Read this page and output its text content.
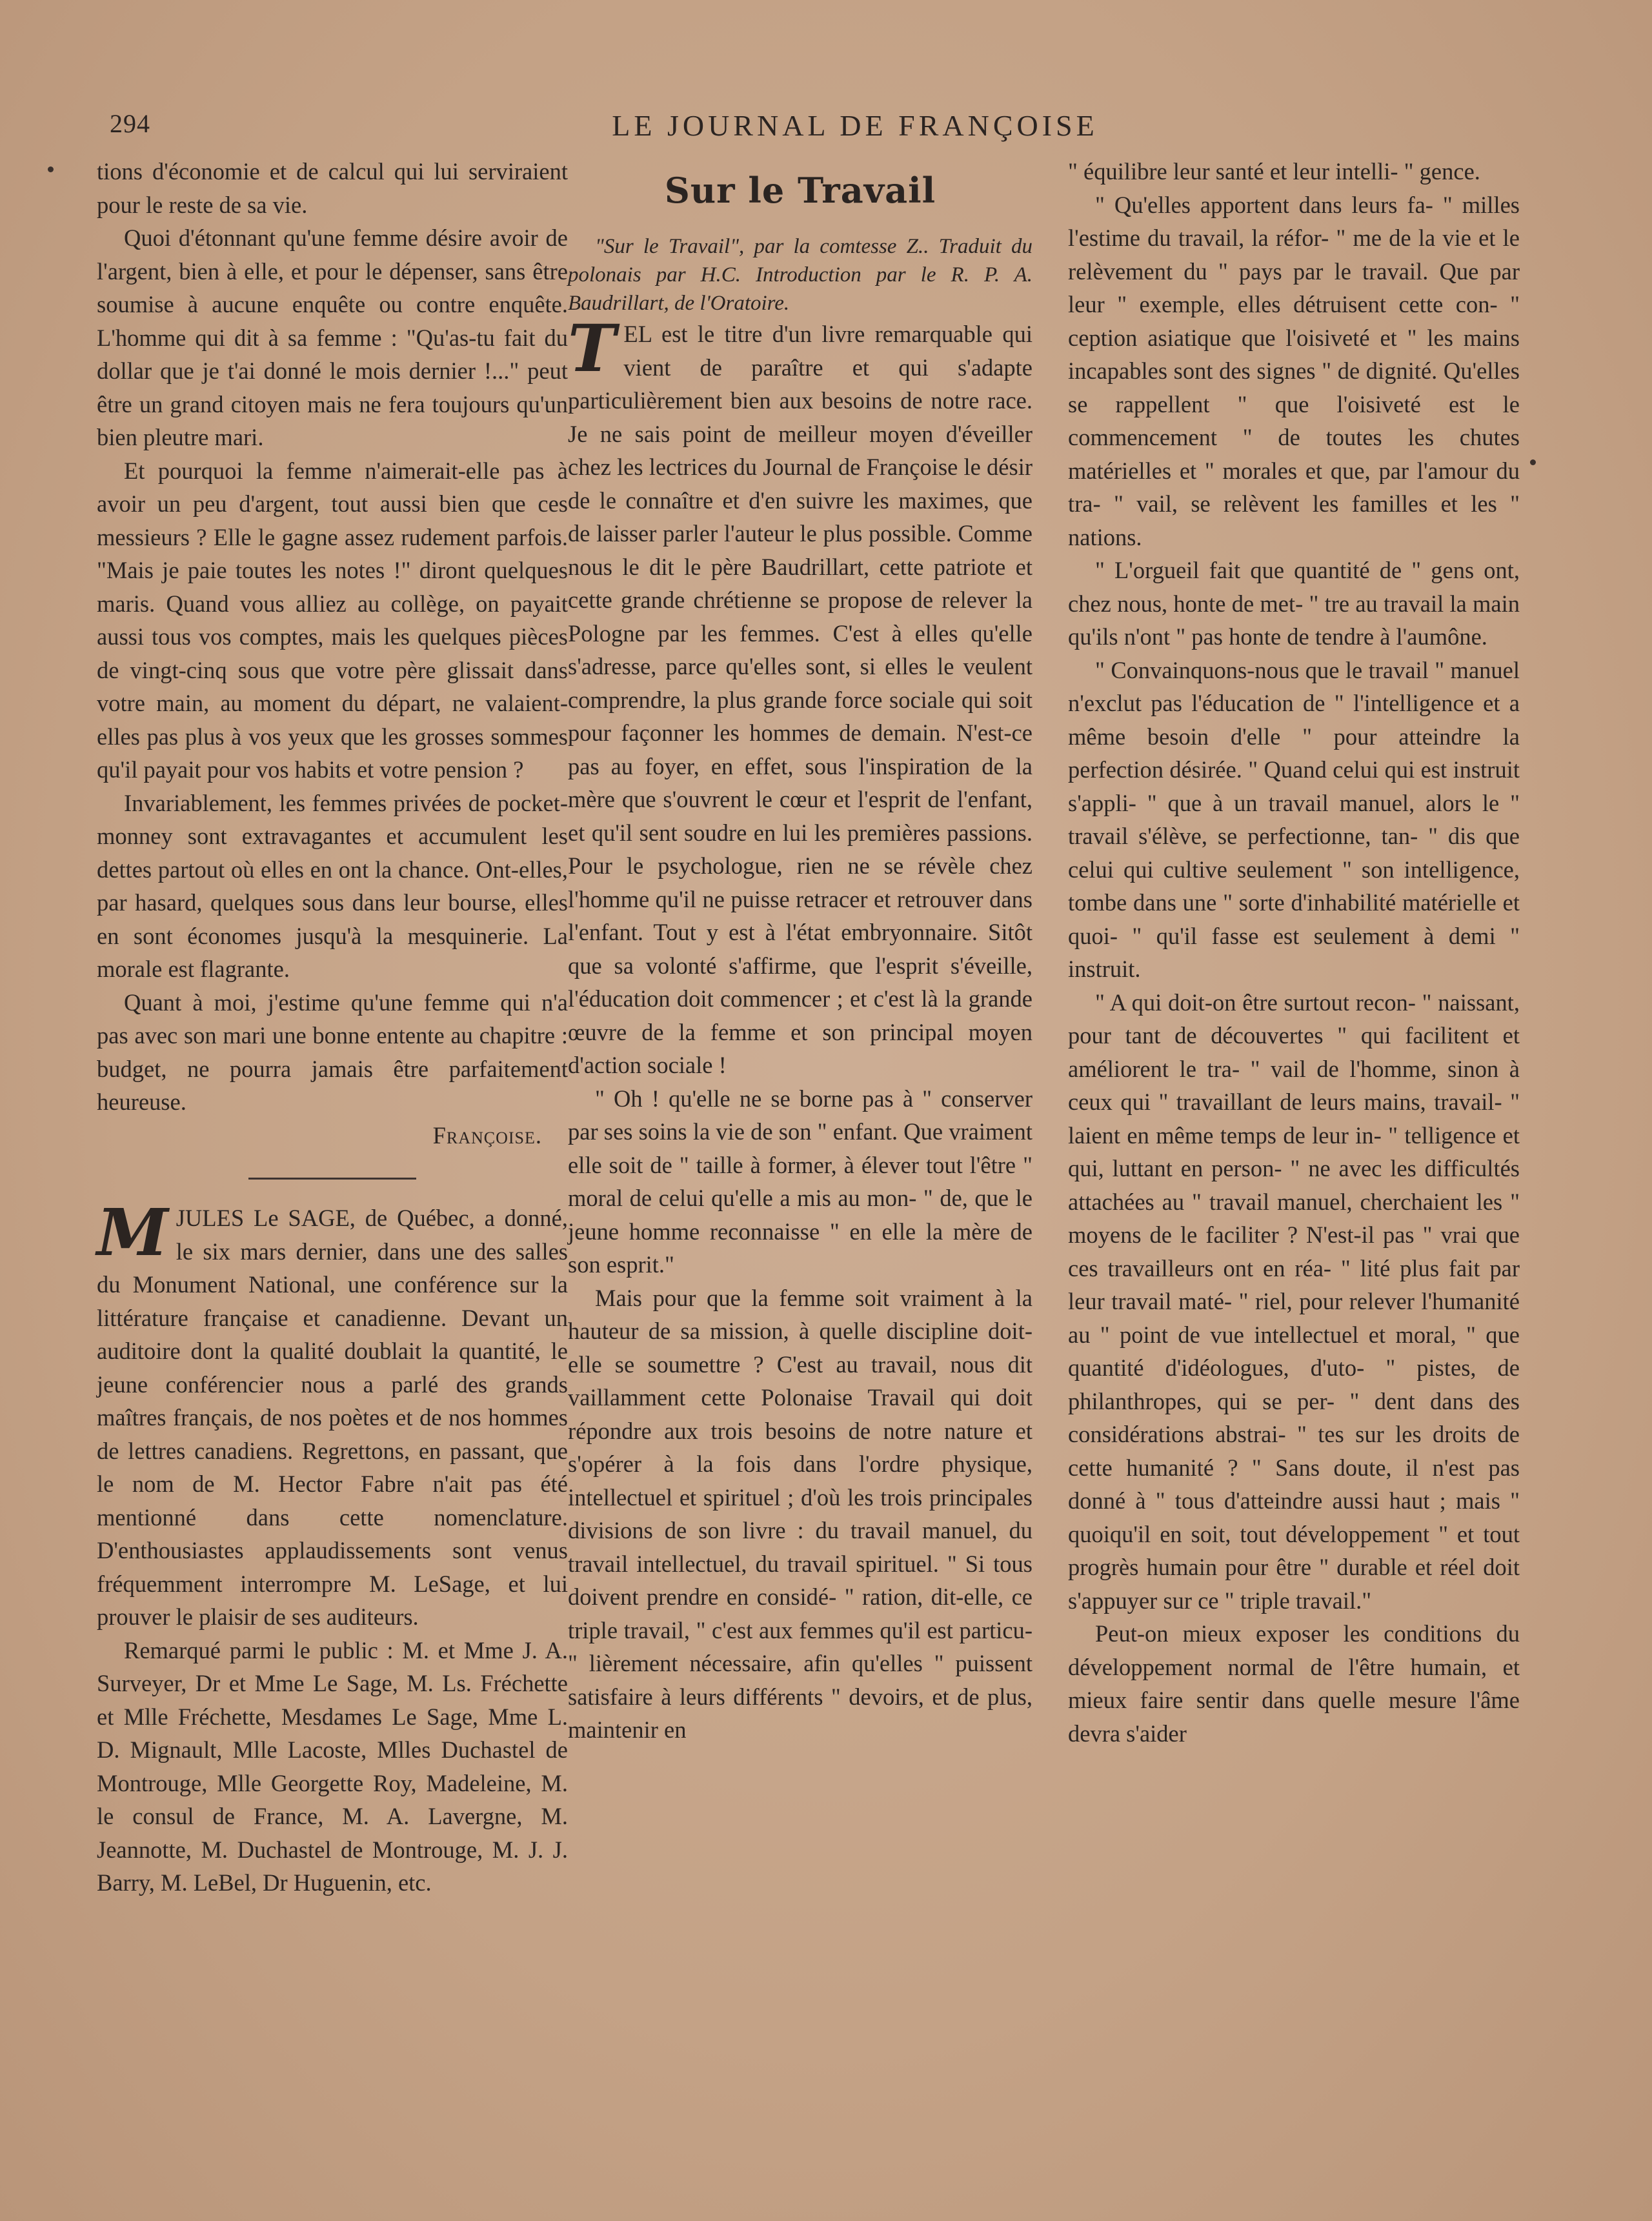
294	LE JOURNAL DE FRANÇOISE

tions d'économie et de calcul qui lui serviraient pour le reste de sa vie.

Quoi d'étonnant qu'une femme désire avoir de l'argent, bien à elle, et pour le dépenser, sans être soumise à aucune enquête ou contre enquête. L'homme qui dit à sa femme : "Qu'as-tu fait du dollar que je t'ai donné le mois dernier !..." peut être un grand citoyen mais ne fera toujours qu'un bien pleutre mari.

Et pourquoi la femme n'aimerait-elle pas à avoir un peu d'argent, tout aussi bien que ces messieurs ? Elle le gagne assez rudement parfois. "Mais je paie toutes les notes !" diront quelques maris. Quand vous alliez au collège, on payait aussi tous vos comptes, mais les quelques pièces de vingt-cinq sous que votre père glissait dans votre main, au moment du départ, ne valaient-elles pas plus à vos yeux que les grosses sommes qu'il payait pour vos habits et votre pension ?

Invariablement, les femmes privées de pocket-monney sont extravagantes et accumulent les dettes partout où elles en ont la chance. Ont-elles, par hasard, quelques sous dans leur bourse, elles en sont économes jusqu'à la mesquinerie. La morale est flagrante.

Quant à moi, j'estime qu'une femme qui n'a pas avec son mari une bonne entente au chapitre : budget, ne pourra jamais être parfaitement heureuse.

Françoise.

M JULES Le SAGE, de Québec, a donné, le six mars dernier, dans une des salles du Monument National, une conférence sur la littérature française et canadienne. Devant un auditoire dont la qualité doublait la quantité, le jeune conférencier nous a parlé des grands maîtres français, de nos poètes et de nos hommes de lettres canadiens. Regrettons, en passant, que le nom de M. Hector Fabre n'ait pas été mentionné dans cette nomenclature. D'enthousiastes applaudissements sont venus fréquemment interrompre M. LeSage, et lui prouver le plaisir de ses auditeurs.

Remarqué parmi le public : M. et Mme J. A. Surveyer, Dr et Mme Le Sage, M. Ls. Fréchette et Mlle Fréchette, Mesdames Le Sage, Mme L. D. Mignault, Mlle Lacoste, Mlles Duchastel de Montrouge, Mlle Georgette Roy, Madeleine, M. le consul de France, M. A. Lavergne, M. Jeannotte, M. Duchastel de Montrouge, M. J. J. Barry, M. LeBel, Dr Huguenin, etc.

Sur le Travail

"Sur le Travail", par la comtesse Z.. Traduit du polonais par H.C. Introduction par le R. P. A. Baudrillart, de l'Oratoire.

T EL est le titre d'un livre remarquable qui vient de paraître et qui s'adapte particulièrement bien aux besoins de notre race. Je ne sais point de meilleur moyen d'éveiller chez les lectrices du Journal de Françoise le désir de le connaître et d'en suivre les maximes, que de laisser parler l'auteur le plus possible. Comme nous le dit le père Baudrillart, cette patriote et cette grande chrétienne se propose de relever la Pologne par les femmes. C'est à elles qu'elle s'adresse, parce qu'elles sont, si elles le veulent comprendre, la plus grande force sociale qui soit pour façonner les hommes de demain. N'est-ce pas au foyer, en effet, sous l'inspiration de la mère que s'ouvrent le cœur et l'esprit de l'enfant, et qu'il sent soudre en lui les premières passions. Pour le psychologue, rien ne se révèle chez l'homme qu'il ne puisse retracer et retrouver dans l'enfant. Tout y est à l'état embryonnaire. Sitôt que sa volonté s'affirme, que l'esprit s'éveille, l'éducation doit commencer ; et c'est là la grande œuvre de la femme et son principal moyen d'action sociale !

" Oh ! qu'elle ne se borne pas à " conserver par ses soins la vie de son " enfant. Que vraiment elle soit de " taille à former, à élever tout l'être " moral de celui qu'elle a mis au mon- " de, que le jeune homme reconnaisse " en elle la mère de son esprit."

Mais pour que la femme soit vraiment à la hauteur de sa mission, à quelle discipline doit-elle se soumettre ? C'est au travail, nous dit vaillamment cette Polonaise Travail qui doit répondre aux trois besoins de notre nature et s'opérer à la fois dans l'ordre physique, intellectuel et spirituel ; d'où les trois principales divisions de son livre : du travail manuel, du travail intellectuel, du travail spirituel. " Si tous doivent prendre en considé- " ration, dit-elle, ce triple travail, " c'est aux femmes qu'il est particu- " lièrement nécessaire, afin qu'elles " puissent satisfaire à leurs différents " devoirs, et de plus, maintenir en

" équilibre leur santé et leur intelli- " gence.

" Qu'elles apportent dans leurs fa- " milles l'estime du travail, la réfor- " me de la vie et le relèvement du " pays par le travail. Que par leur " exemple, elles détruisent cette con- " ception asiatique que l'oisiveté et " les mains incapables sont des signes " de dignité. Qu'elles se rappellent " que l'oisiveté est le commencement " de toutes les chutes matérielles et " morales et que, par l'amour du tra- " vail, se relèvent les familles et les " nations.

" L'orgueil fait que quantité de " gens ont, chez nous, honte de met- " tre au travail la main qu'ils n'ont " pas honte de tendre à l'aumône.

" Convainquons-nous que le travail " manuel n'exclut pas l'éducation de " l'intelligence et a même besoin d'elle " pour atteindre la perfection désirée. " Quand celui qui est instruit s'appli- " que à un travail manuel, alors le " travail s'élève, se perfectionne, tan- " dis que celui qui cultive seulement " son intelligence, tombe dans une " sorte d'inhabilité matérielle et quoi- " qu'il fasse est seulement à demi " instruit.

" A qui doit-on être surtout recon- " naissant, pour tant de découvertes " qui facilitent et améliorent le tra- " vail de l'homme, sinon à ceux qui " travaillant de leurs mains, travail- " laient en même temps de leur in- " telligence et qui, luttant en person- " ne avec les difficultés attachées au " travail manuel, cherchaient les " moyens de le faciliter ? N'est-il pas " vrai que ces travailleurs ont en réa- " lité plus fait par leur travail maté- " riel, pour relever l'humanité au " point de vue intellectuel et moral, " que quantité d'idéologues, d'uto- " pistes, de philanthropes, qui se per- " dent dans des considérations abstrai- " tes sur les droits de cette humanité ? " Sans doute, il n'est pas donné à " tous d'atteindre aussi haut ; mais " quoiqu'il en soit, tout développement " et tout progrès humain pour être " durable et réel doit s'appuyer sur ce " triple travail."

Peut-on mieux exposer les conditions du développement normal de l'être humain, et mieux faire sentir dans quelle mesure l'âme devra s'aider
